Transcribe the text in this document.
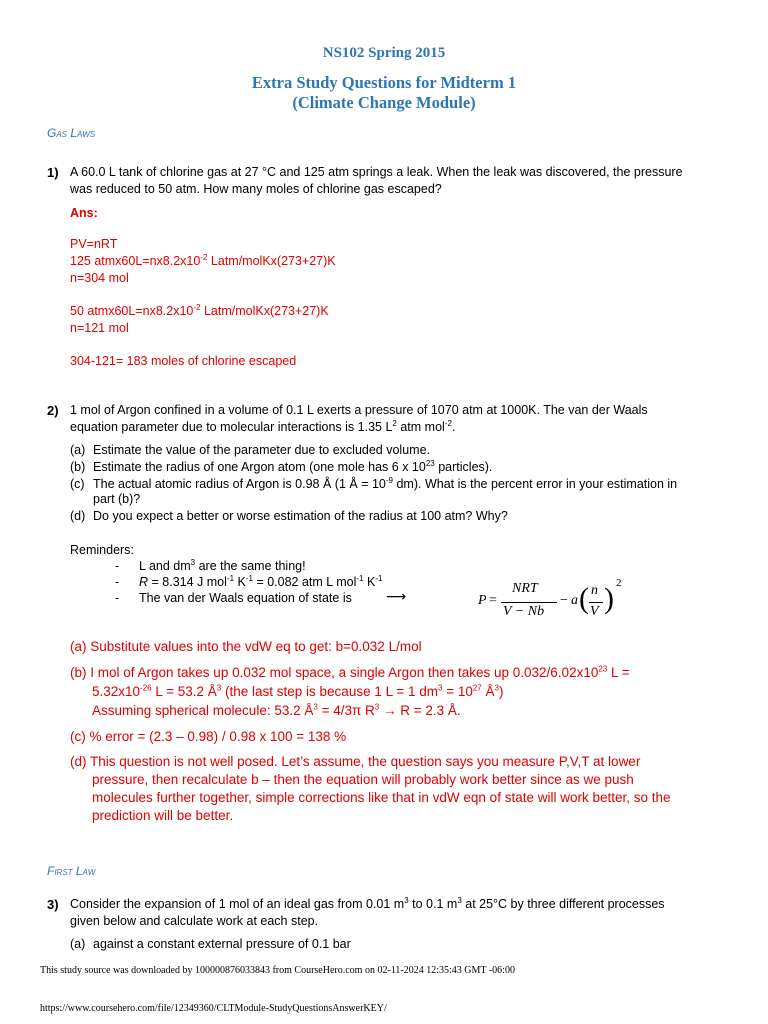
NS102 Spring 2015
Extra Study Questions for Midterm 1
(Climate Change Module)
Gas Laws
1) A 60.0 L tank of chlorine gas at 27 °C and 125 atm springs a leak. When the leak was discovered, the pressure
was reduced to 50 atm. How many moles of chlorine gas escaped?
Ans:
PV=nRT
125 $atmx60L=nx8.2x10^{-2}$ Latm/molKx(273+27)K
n=304 mol
50 $atmx60L=nx8.2x10^{-2}$ Latm/molKx(273+27)K
n=121 mol
304-121= 183 moles of chlorine escaped
2) 1 mol of Argon confined in a volume of 0.1 L exerts a pressure of 1070 atm at 1000K. The van der Waals
equation parameter due to molecular interactions is 1.35 $L^2$ atm mol$^{-2}$.
(a) Estimate the value of the parameter due to excluded volume.
(b) Estimate the radius of one Argon atom (one mole has 6 x $10^{23}$ particles).
(c) The actual atomic radius of Argon is 0.98 Å (1 Å = $10^{-9}$ dm). What is the percent error in your estimation in
part (b)?
(d) Do you expect a better or worse estimation of the radius at 100 atm? Why?
Reminders:
- L and $dm^3$ are the same thing!
- R = 8.314 J mol$^{-1}$ $K^{-1} = 0.082$ atm L mol$^{-1}$ $K^{-1}$
- The van der Waals equation of state is ⟶	P =
NRT
V − Nb
− a ( n
V ) 2
(a) Substitute values into the vdW eq to get: b=0.032 L/mol
(b) I mol of Argon takes up 0.032 mol space, a single Argon then takes up $0.032/6.02x10^{23}$ L =
$5.32x10^{-26}$ L = 53.2 $Å^3$ (the last step is because 1 L = 1 $dm^3 = 10^{27}$ $Å^3$)
Assuming spherical molecule: 53.2 $Å^3 = 4/3\pi$ $R^3 \to R = 2.3$ Å.
(c) % error = (2.3 – 0.98) / 0.98 x 100 = 138 %
(d) This question is not well posed. Let’s assume, the question says you measure P,V,T at lower
pressure, then recalculate b – then the equation will probably work better since as we push
molecules further together, simple corrections like that in vdW eqn of state will work better, so the
prediction will be better.
First Law
3) Consider the expansion of 1 mol of an ideal gas from 0.01 $m^3$ to 0.1 $m^3$ at 25°C by three different processes
given below and calculate work at each step.
(a) against a constant external pressure of 0.1 bar
This study source was downloaded by 100000876033843 from CourseHero.com on 02-11-2024 12:35:43 GMT -06:00
https://www.coursehero.com/file/12349360/CLTModule-StudyQuestionsAnswerKEY/
